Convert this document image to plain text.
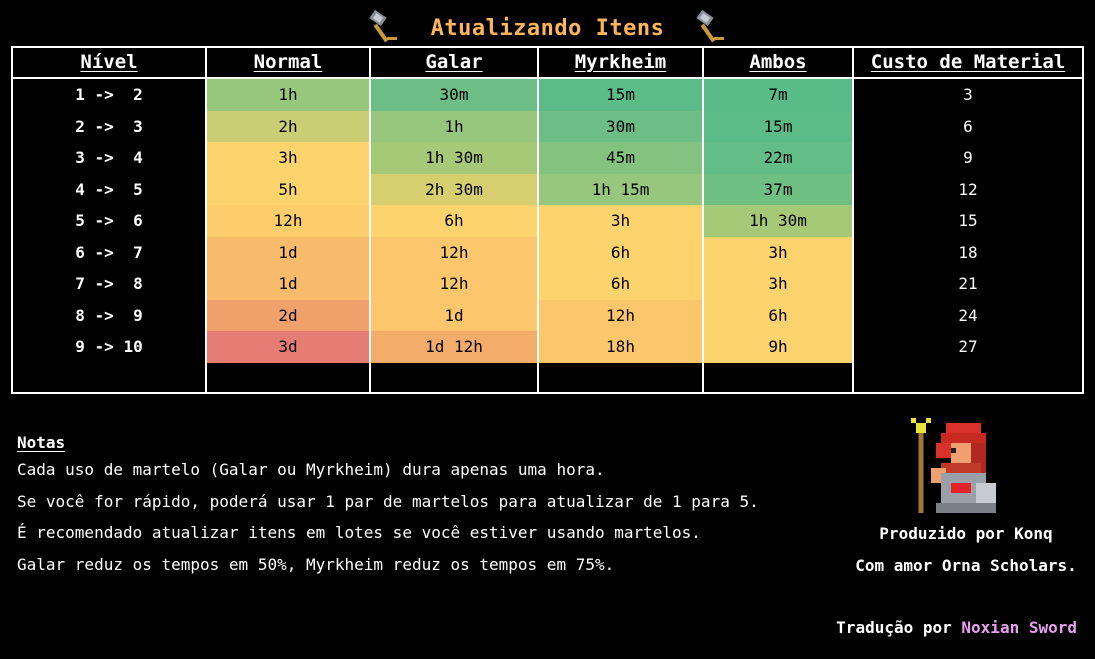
Atualizando Itens
Nível	Normal	Galar	Myrkheim	Ambos	Custo de Material
1 ->  2	1h	30m	15m	7m	3
2 ->  3	2h	1h	30m	15m	6
3 ->  4	3h	1h 30m	45m	22m	9
4 ->  5	5h	2h 30m	1h 15m	37m	12
5 ->  6	12h	6h	3h	1h 30m	15
6 ->  7	1d	12h	6h	3h	18
7 ->  8	1d	12h	6h	3h	21
8 ->  9	2d	1d	12h	6h	24
9 -> 10	3d	1d 12h	18h	9h	27
Total	7d 23h	3d 23h 30m	1d 23h 45m	23h 51m	135
Notas
Cada uso de martelo (Galar ou Myrkheim) dura apenas uma hora.
Se você for rápido, poderá usar 1 par de martelos para atualizar de 1 para 5.
É recomendado atualizar itens em lotes se você estiver usando martelos.
Galar reduz os tempos em 50%, Myrkheim reduz os tempos em 75%.
Produzido por Konq
Com amor Orna Scholars.
Tradução por Noxian Sword
